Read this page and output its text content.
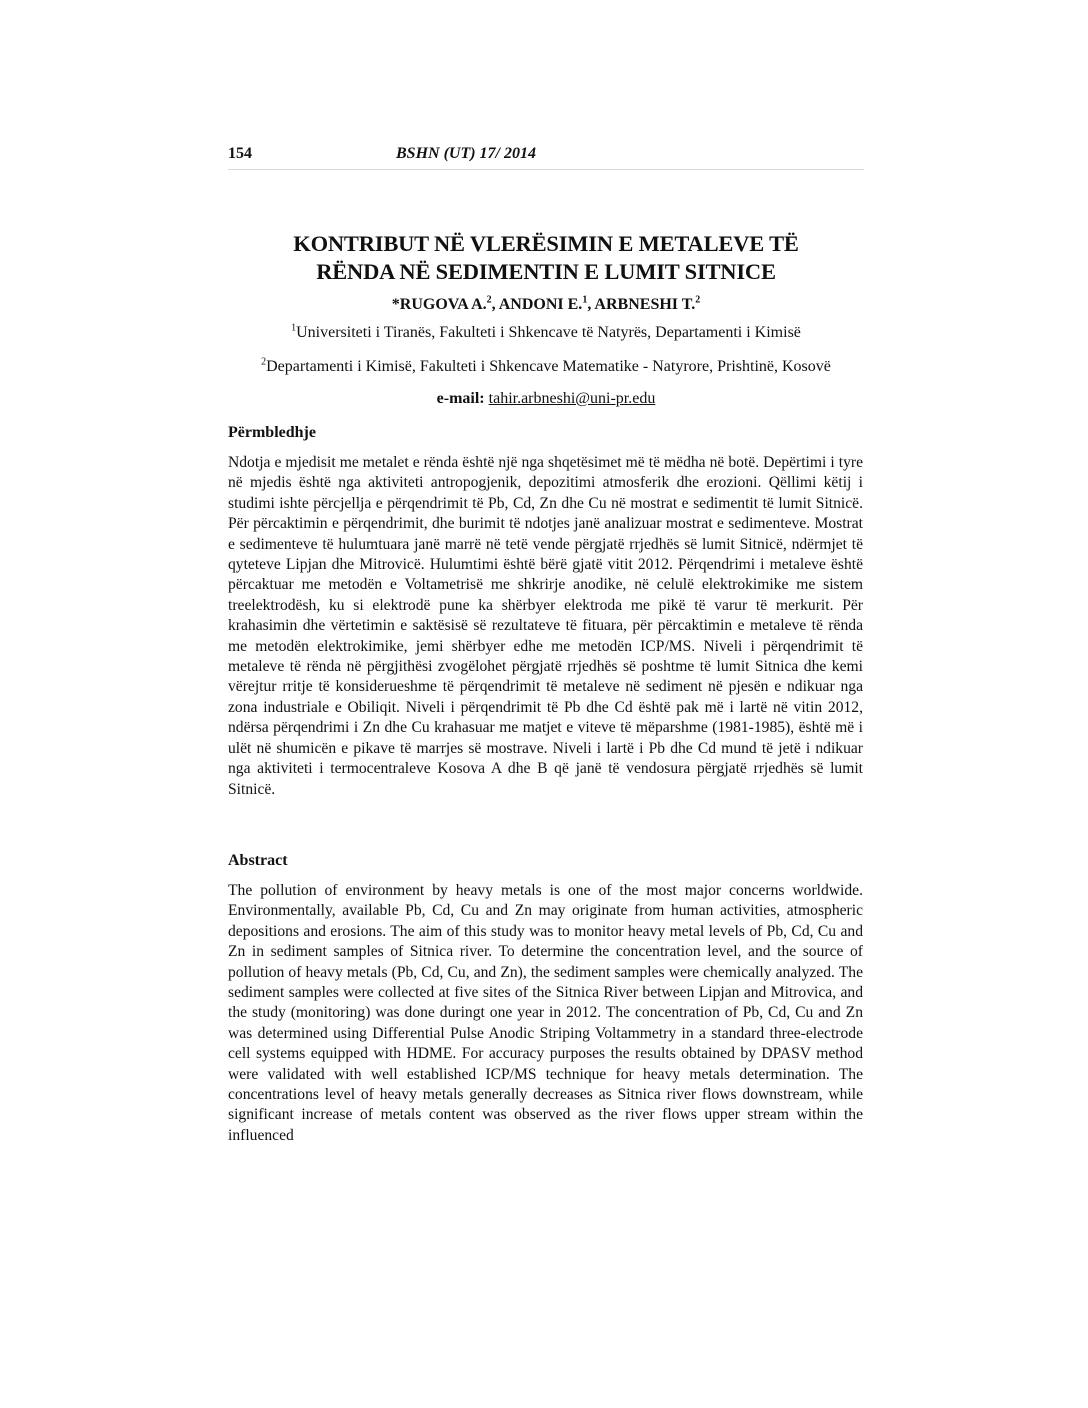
154	BSHN (UT) 17/ 2014
KONTRIBUT NË VLERËSIMIN E METALEVE TË
RËNDA NË SEDIMENTIN E LUMIT SITNICE
*RUGOVA A.$^2$, ANDONI E.$^1$, ARBNESHI T.$^2$
$^1$Universiteti i Tiranës, Fakulteti i Shkencave të Natyrës, Departamenti i Kimisë
$^2$Departamenti i Kimisë, Fakulteti i Shkencave Matematike - Natyrore, Prishtinë, Kosovë
e-mail: tahir.arbneshi@uni-pr.edu
Përmbledhje
Ndotja e mjedisit me metalet e rënda është një nga shqetësimet më të mëdha në botë. Depërtimi i tyre në mjedis është nga aktiviteti antropogjenik, depozitimi atmosferik dhe erozioni. Qëllimi këtij i studimi ishte përcjellja e përqendrimit të Pb, Cd, Zn dhe Cu në mostrat e sedimentit të lumit Sitnicë. Për përcaktimin e përqendrimit, dhe burimit të ndotjes janë analizuar mostrat e sedimenteve. Mostrat e sedimenteve të hulumtuara janë marrë në tetë vende përgjatë rrjedhës së lumit Sitnicë, ndërmjet të qyteteve Lipjan dhe Mitrovicë. Hulumtimi është bërë gjatë vitit 2012. Përqendrimi i metaleve është përcaktuar me metodën e Voltametrisë me shkrirje anodike, në celulë elektrokimike me sistem treelektrodësh, ku si elektrodë pune ka shërbyer elektroda me pikë të varur të merkurit. Për krahasimin dhe vërtetimin e saktësisë së rezultateve të fituara, për përcaktimin e metaleve të rënda me metodën elektrokimike, jemi shërbyer edhe me metodën ICP/MS. Niveli i përqendrimit të metaleve të rënda në përgjithësi zvogëlohet përgjatë rrjedhës së poshtme të lumit Sitnica dhe kemi vërejtur rritje të konsiderueshme të përqendrimit të metaleve në sediment në pjesën e ndikuar nga zona industriale e Obiliqit. Niveli i përqendrimit të Pb dhe Cd është pak më i lartë në vitin 2012, ndërsa përqendrimi i Zn dhe Cu krahasuar me matjet e viteve të mëparshme (1981-1985), është më i ulët në shumicën e pikave të marrjes së mostrave. Niveli i lartë i Pb dhe Cd mund të jetë i ndikuar nga aktiviteti i termocentraleve Kosova A dhe B që janë të vendosura përgjatë rrjedhës së lumit Sitnicë.
Abstract
The pollution of environment by heavy metals is one of the most major concerns worldwide. Environmentally, available Pb, Cd, Cu and Zn may originate from human activities, atmospheric depositions and erosions. The aim of this study was to monitor heavy metal levels of Pb, Cd, Cu and Zn in sediment samples of Sitnica river. To determine the concentration level, and the source of pollution of heavy metals (Pb, Cd, Cu, and Zn), the sediment samples were chemically analyzed. The sediment samples were collected at five sites of the Sitnica River between Lipjan and Mitrovica, and the study (monitoring) was done duringt one year in 2012. The concentration of Pb, Cd, Cu and Zn was determined using Differential Pulse Anodic Striping Voltammetry in a standard three-electrode cell systems equipped with HDME. For accuracy purposes the results obtained by DPASV method were validated with well established ICP/MS technique for heavy metals determination. The concentrations level of heavy metals generally decreases as Sitnica river flows downstream, while significant increase of metals content was observed as the river flows upper stream within the influenced
